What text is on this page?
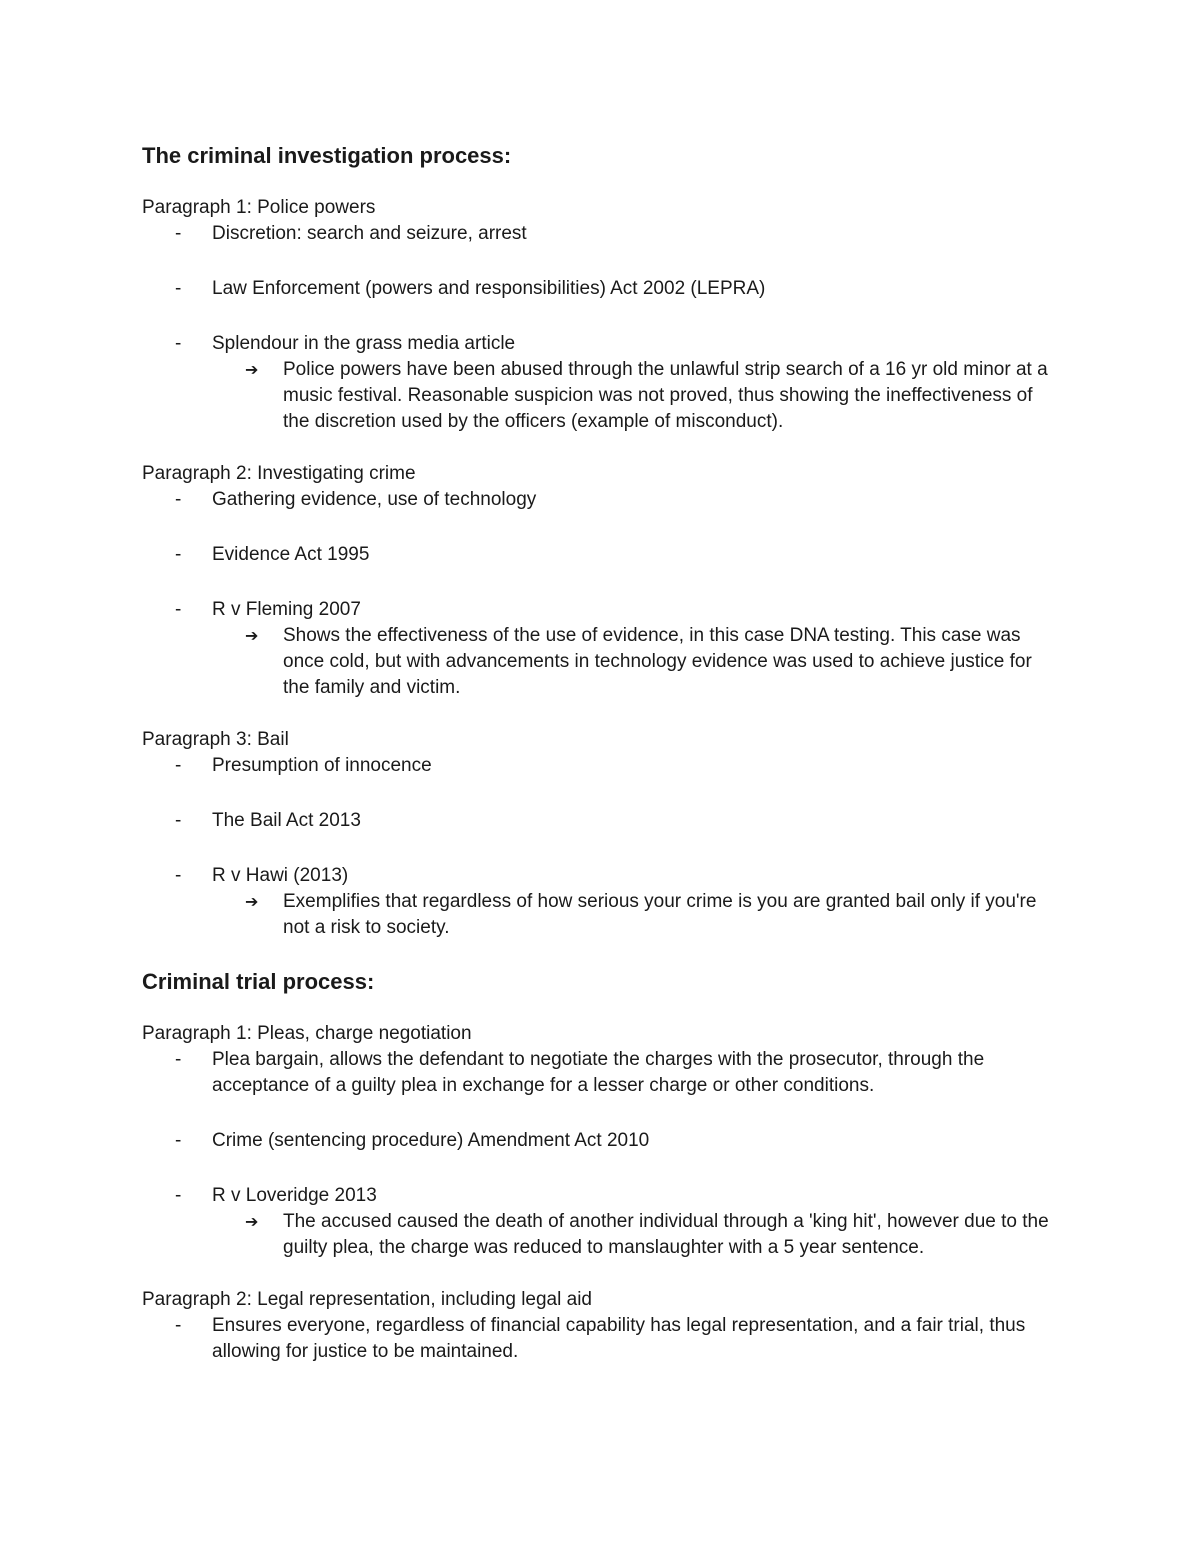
The criminal investigation process:
Paragraph 1: Police powers
- Discretion: search and seizure, arrest
- Law Enforcement (powers and responsibilities) Act 2002 (LEPRA)
- Splendour in the grass media article
➔ Police powers have been abused through the unlawful strip search of a 16 yr old minor at a music festival. Reasonable suspicion was not proved, thus showing the ineffectiveness of the discretion used by the officers (example of misconduct).
Paragraph 2: Investigating crime
- Gathering evidence, use of technology
- Evidence Act 1995
- R v Fleming 2007
➔ Shows the effectiveness of the use of evidence, in this case DNA testing. This case was once cold, but with advancements in technology evidence was used to achieve justice for the family and victim.
Paragraph 3: Bail
- Presumption of innocence
- The Bail Act 2013
- R v Hawi (2013)
➔ Exemplifies that regardless of how serious your crime is you are granted bail only if you're not a risk to society.
Criminal trial process:
Paragraph 1: Pleas, charge negotiation
- Plea bargain, allows the defendant to negotiate the charges with the prosecutor, through the acceptance of a guilty plea in exchange for a lesser charge or other conditions.
- Crime (sentencing procedure) Amendment Act 2010
- R v Loveridge 2013
➔ The accused caused the death of another individual through a 'king hit', however due to the guilty plea, the charge was reduced to manslaughter with a 5 year sentence.
Paragraph 2: Legal representation, including legal aid
- Ensures everyone, regardless of financial capability has legal representation, and a fair trial, thus allowing for justice to be maintained.
